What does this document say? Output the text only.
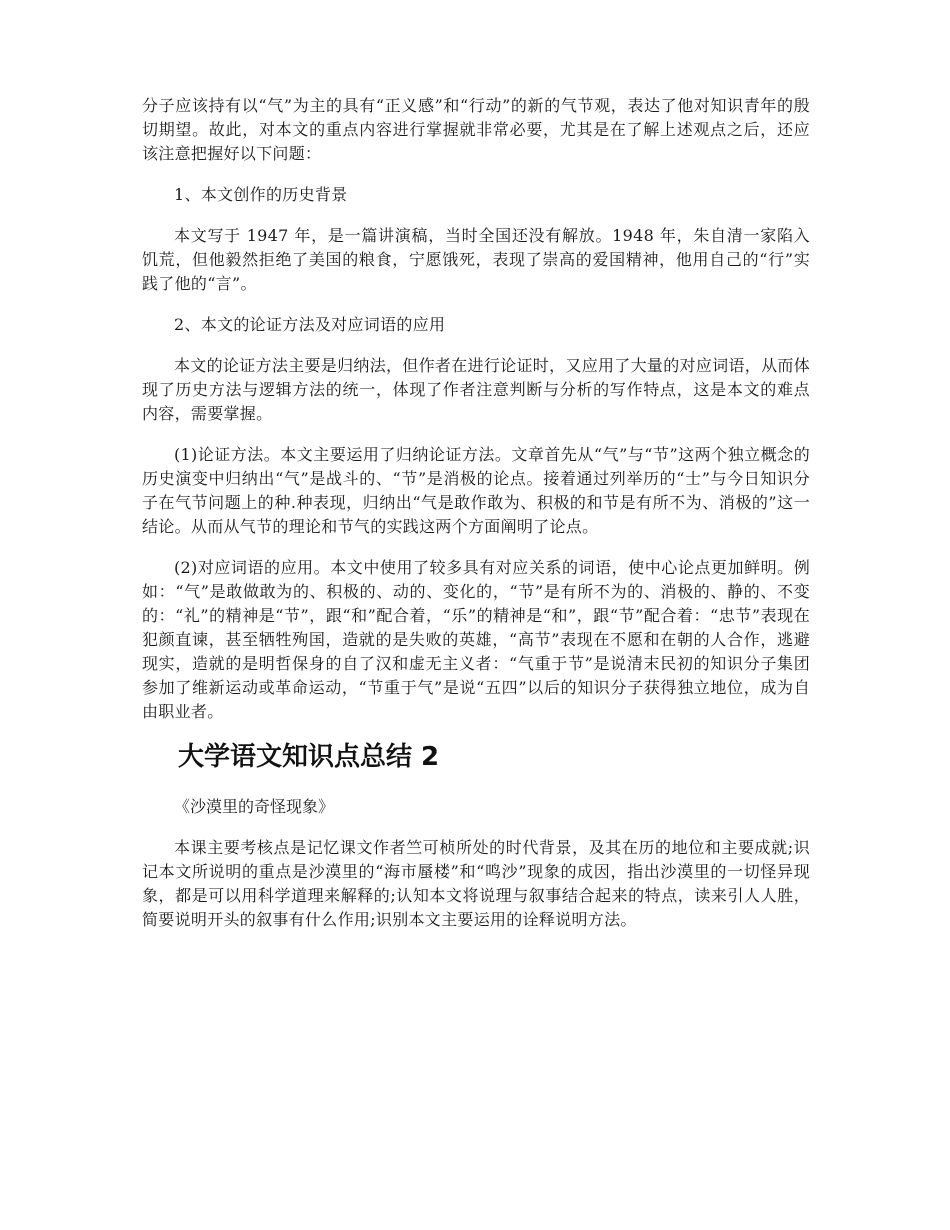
分子应该持有以“气”为主的具有“正义感”和“行动”的新的气节观，表达了他对知识青年的殷切期望。故此，对本文的重点内容进行掌握就非常必要，尤其是在了解上述观点之后，还应该注意把握好以下问题：

1、本文创作的历史背景

本文写于 1947 年，是一篇讲演稿，当时全国还没有解放。1948 年，朱自清一家陷入饥荒，但他毅然拒绝了美国的粮食，宁愿饿死，表现了崇高的爱国精神，他用自己的“行”实践了他的“言”。

2、本文的论证方法及对应词语的应用

本文的论证方法主要是归纳法，但作者在进行论证时，又应用了大量的对应词语，从而体现了历史方法与逻辑方法的统一，体现了作者注意判断与分析的写作特点，这是本文的难点内容，需要掌握。

(1)论证方法。本文主要运用了归纳论证方法。文章首先从“气”与“节”这两个独立概念的历史演变中归纳出“气”是战斗的、“节”是消极的论点。接着通过列举历的“士”与今日知识分子在气节问题上的种.种表现，归纳出“气是敢作敢为、积极的和节是有所不为、消极的”这一结论。从而从气节的理论和节气的实践这两个方面阐明了论点。

(2)对应词语的应用。本文中使用了较多具有对应关系的词语，使中心论点更加鲜明。例如：“气”是敢做敢为的、积极的、动的、变化的，“节”是有所不为的、消极的、静的、不变的：“礼”的精神是“节”，跟“和”配合着，“乐”的精神是“和”，跟“节”配合着：“忠节”表现在犯颜直谏，甚至牺牲殉国，造就的是失败的英雄，“高节”表现在不愿和在朝的人合作，逃避现实，造就的是明哲保身的自了汉和虚无主义者：“气重于节”是说清末民初的知识分子集团参加了维新运动或革命运动，“节重于气”是说“五四”以后的知识分子获得独立地位，成为自由职业者。

大学语文知识点总结 2

《沙漠里的奇怪现象》

本课主要考核点是记忆课文作者竺可桢所处的时代背景，及其在历的地位和主要成就;识记本文所说明的重点是沙漠里的“海市蜃楼”和“鸣沙”现象的成因，指出沙漠里的一切怪异现象，都是可以用科学道理来解释的;认知本文将说理与叙事结合起来的特点，读来引人人胜，简要说明开头的叙事有什么作用;识别本文主要运用的诠释说明方法。
